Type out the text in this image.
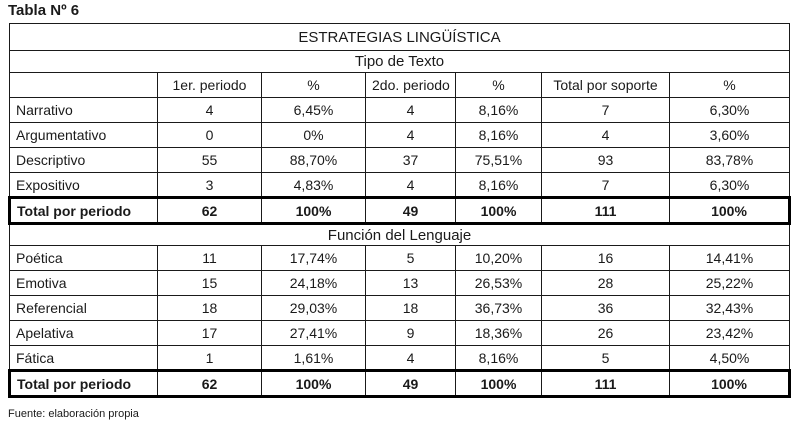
Tabla Nº 6
ESTRATEGIAS LINGÜÍSTICA						
Tipo de Texto						
	1er. periodo	%	2do. periodo	%	Total por soporte	%
Narrativo	4	6,45%	4	8,16%	7	6,30%
Argumentativo	0	0%	4	8,16%	4	3,60%
Descriptivo	55	88,70%	37	75,51%	93	83,78%
Expositivo	3	4,83%	4	8,16%	7	6,30%
Total por periodo	62	100%	49	100%	111	100%
Función del Lenguaje						
Poética	11	17,74%	5	10,20%	16	14,41%
Emotiva	15	24,18%	13	26,53%	28	25,22%
Referencial	18	29,03%	18	36,73%	36	32,43%
Apelativa	17	27,41%	9	18,36%	26	23,42%
Fática	1	1,61%	4	8,16%	5	4,50%
Total por periodo	62	100%	49	100%	111	100%
Fuente: elaboración propia
